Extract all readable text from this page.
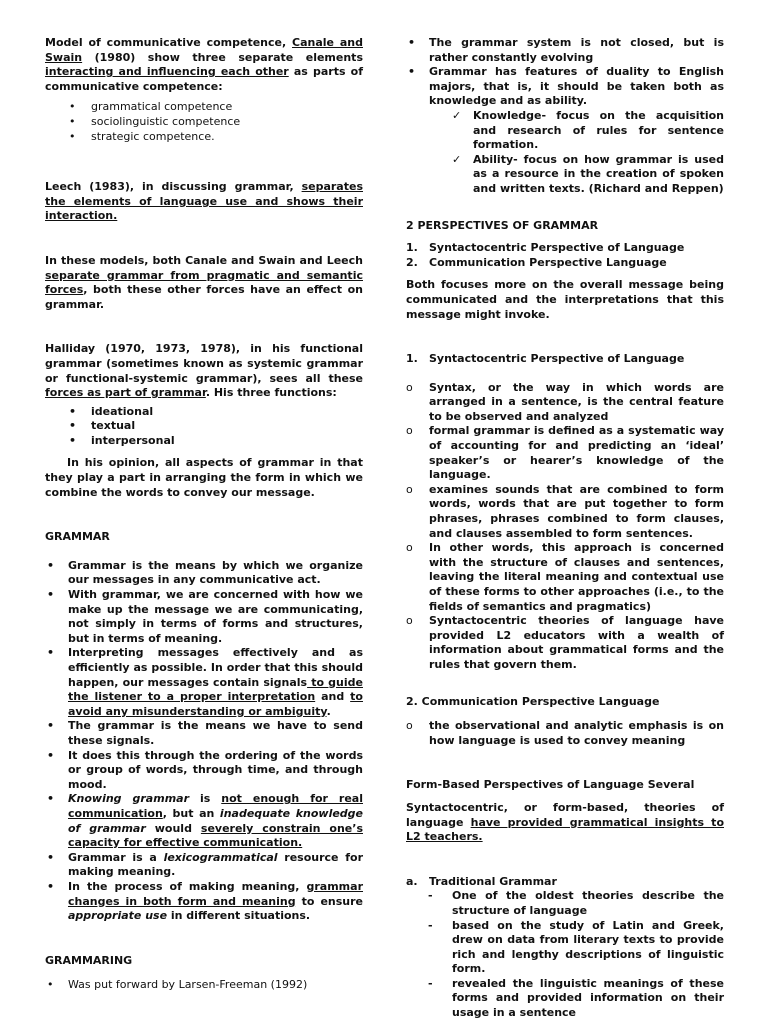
Model of communicative competence, Canale and Swain (1980) show three separate elements interacting and influencing each other as parts of communicative competence:

• grammatical competence
• sociolinguistic competence
• strategic competence.

Leech (1983), in discussing grammar, separates the elements of language use and shows their interaction.

In these models, both Canale and Swain and Leech separate grammar from pragmatic and semantic forces, both these other forces have an effect on grammar.

Halliday (1970, 1973, 1978), in his functional grammar (sometimes known as systemic grammar or functional-systemic grammar), sees all these forces as part of grammar. His three functions:

• ideational
• textual
• interpersonal

In his opinion, all aspects of grammar in that they play a part in arranging the form in which we combine the words to convey our message.

GRAMMAR

• Grammar is the means by which we organize our messages in any communicative act.
• With grammar, we are concerned with how we make up the message we are communicating, not simply in terms of forms and structures, but in terms of meaning.
• Interpreting messages effectively and as efficiently as possible. In order that this should happen, our messages contain signals to guide the listener to a proper interpretation and to avoid any misunderstanding or ambiguity.
• The grammar is the means we have to send these signals.
• It does this through the ordering of the words or group of words, through time, and through mood.
• Knowing grammar is not enough for real communication, but an inadequate knowledge of grammar would severely constrain one’s capacity for effective communication.
• Grammar is a lexicogrammatical resource for making meaning.
• In the process of making meaning, grammar changes in both form and meaning to ensure appropriate use in different situations.

GRAMMARING

• Was put forward by Larsen-Freeman (1992)
• The grammar system is not closed, but is rather constantly evolving
• Grammar has features of duality to English majors, that is, it should be taken both as knowledge and as ability.
✓ Knowledge- focus on the acquisition and research of rules for sentence formation.
✓ Ability- focus on how grammar is used as a resource in the creation of spoken and written texts. (Richard and Reppen)

2 PERSPECTIVES OF GRAMMAR

1. Syntactocentric Perspective of Language
2. Communication Perspective Language

Both focuses more on the overall message being communicated and the interpretations that this message might invoke.

1. Syntactocentric Perspective of Language
o Syntax, or the way in which words are arranged in a sentence, is the central feature to be observed and analyzed
o formal grammar is defined as a systematic way of accounting for and predicting an ‘ideal’ speaker’s or hearer’s knowledge of the language.
o examines sounds that are combined to form words, words that are put together to form phrases, phrases combined to form clauses, and clauses assembled to form sentences.
o In other words, this approach is concerned with the structure of clauses and sentences, leaving the literal meaning and contextual use of these forms to other approaches (i.e., to the fields of semantics and pragmatics)
o Syntactocentric theories of language have provided L2 educators with a wealth of information about grammatical forms and the rules that govern them.

2. Communication Perspective Language

o the observational and analytic emphasis is on how language is used to convey meaning

Form-Based Perspectives of Language Several

Syntactocentric, or form-based, theories of language have provided grammatical insights to L2 teachers.

a. Traditional Grammar
- One of the oldest theories describe the structure of language
- based on the study of Latin and Greek, drew on data from literary texts to provide rich and lengthy descriptions of linguistic form.
- revealed the linguistic meanings of these forms and provided information on their usage in a sentence
